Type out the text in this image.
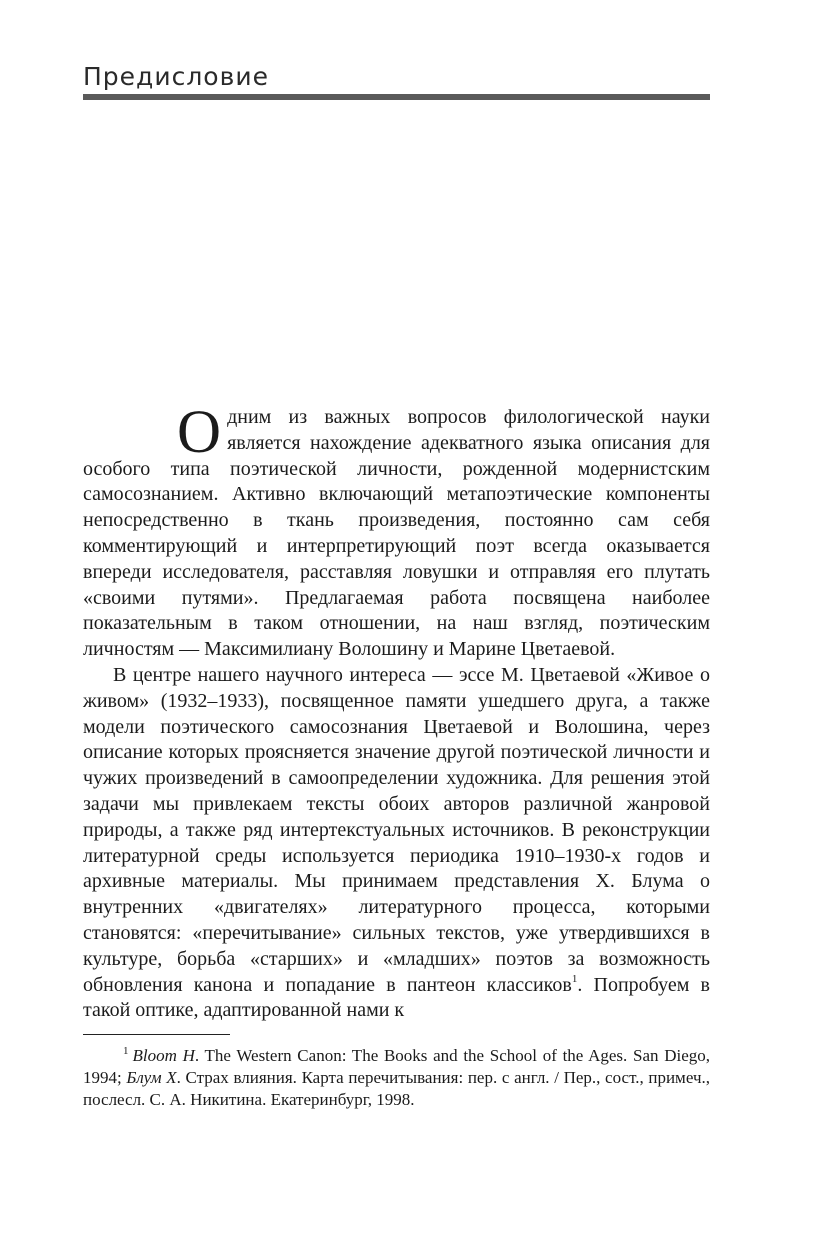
Предисловие

Одним из важных вопросов филологической науки является нахождение адекватного языка описания для особого типа поэтической личности, рожденной модернистским самосознанием. Активно включающий метапоэтические компоненты непосредственно в ткань произведения, постоянно сам себя комментирующий и интерпретирующий поэт всегда оказывается впереди исследователя, расставляя ловушки и отправляя его плутать «своими путями». Предлагаемая работа посвящена наиболее показательным в таком отношении, на наш взгляд, поэтическим личностям — Максимилиану Волошину и Марине Цветаевой.

В центре нашего научного интереса — эссе М. Цветаевой «Живое о живом» (1932–1933), посвященное памяти ушедшего друга, а также модели поэтического самосознания Цветаевой и Волошина, через описание которых проясняется значение другой поэтической личности и чужих произведений в самоопределении художника. Для решения этой задачи мы привлекаем тексты обоих авторов различной жанровой природы, а также ряд интертекстуальных источников. В реконструкции литературной среды используется периодика 1910–1930-х годов и архивные материалы. Мы принимаем представления Х. Блума о внутренних «двигателях» литературного процесса, которыми становятся: «перечитывание» сильных текстов, уже утвердившихся в культуре, борьба «старших» и «младших» поэтов за возможность обновления канона и попадание в пантеон классиков$^1$. Попробуем в такой оптике, адаптированной нами к

$^1$ Bloom H. The Western Canon: The Books and the School of the Ages. San Diego, 1994; Блум Х. Страх влияния. Карта перечитывания: пер. с англ. / Пер., сост., примеч., послесл. С. А. Никитина. Екатеринбург, 1998.
